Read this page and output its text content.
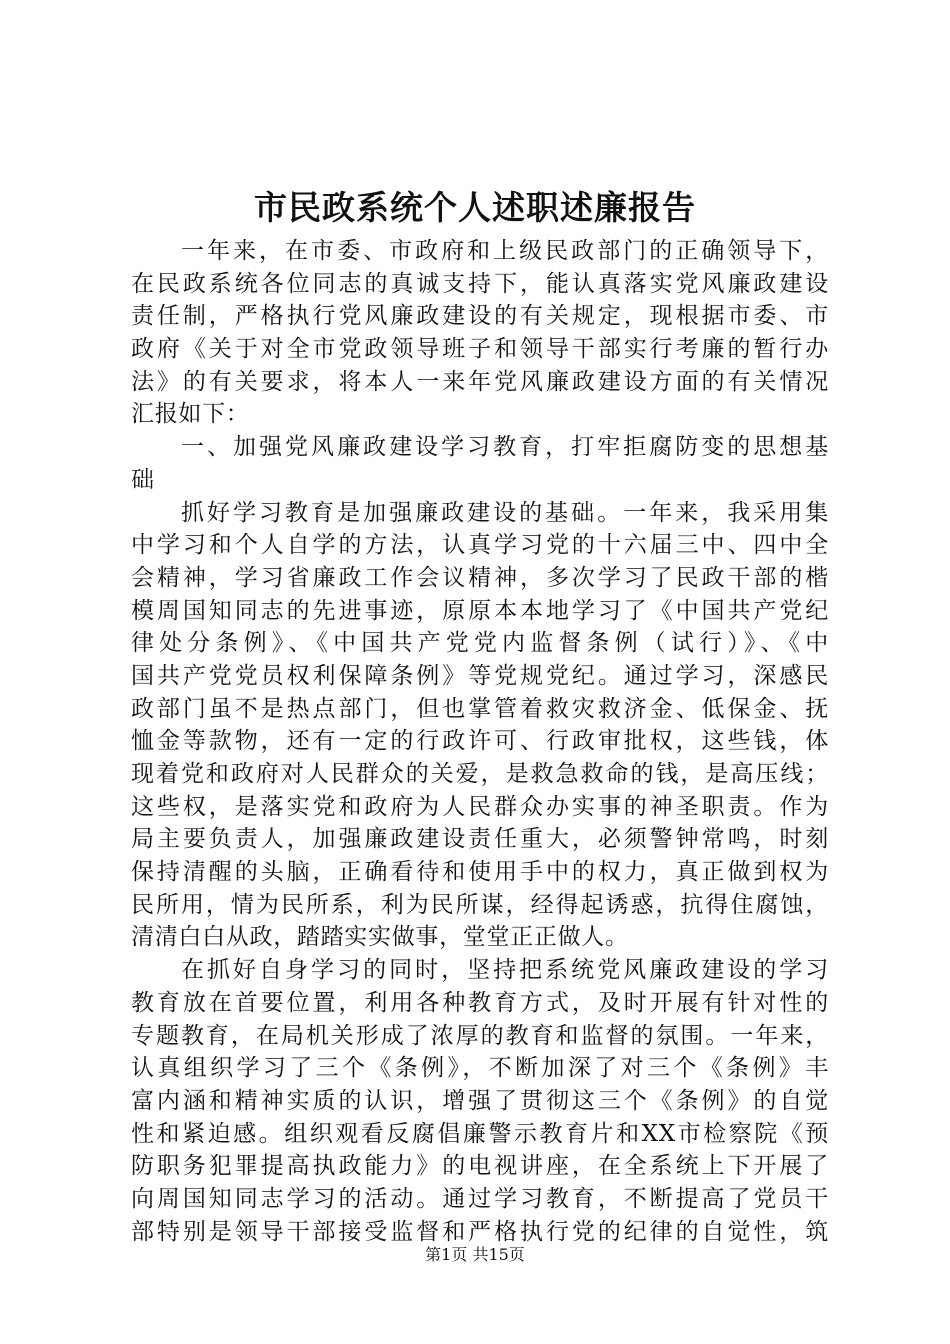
市民政系统个人述职述廉报告
一年来，在市委、市政府和上级民政部门的正确领导下，
在民政系统各位同志的真诚支持下，能认真落实党风廉政建设
责任制，严格执行党风廉政建设的有关规定，现根据市委、市
政府《关于对全市党政领导班子和领导干部实行考廉的暂行办
法》的有关要求，将本人一来年党风廉政建设方面的有关情况
汇报如下：
一、加强党风廉政建设学习教育，打牢拒腐防变的思想基
础
抓好学习教育是加强廉政建设的基础。一年来，我采用集
中学习和个人自学的方法，认真学习党的十六届三中、四中全
会精神，学习省廉政工作会议精神，多次学习了民政干部的楷
模周国知同志的先进事迹，原原本本地学习了《中国共产党纪
律处分条例》、《中国共产党党内监督条例（试行）》、《中
国共产党党员权利保障条例》等党规党纪。通过学习，深感民
政部门虽不是热点部门，但也掌管着救灾救济金、低保金、抚
恤金等款物，还有一定的行政许可、行政审批权，这些钱，体
现着党和政府对人民群众的关爱，是救急救命的钱，是高压线；
这些权，是落实党和政府为人民群众办实事的神圣职责。作为
局主要负责人，加强廉政建设责任重大，必须警钟常鸣，时刻
保持清醒的头脑，正确看待和使用手中的权力，真正做到权为
民所用，情为民所系，利为民所谋，经得起诱惑，抗得住腐蚀，
清清白白从政，踏踏实实做事，堂堂正正做人。
在抓好自身学习的同时，坚持把系统党风廉政建设的学习
教育放在首要位置，利用各种教育方式，及时开展有针对性的
专题教育，在局机关形成了浓厚的教育和监督的氛围。一年来，
认真组织学习了三个《条例》，不断加深了对三个《条例》丰
富内涵和精神实质的认识，增强了贯彻这三个《条例》的自觉
性和紧迫感。组织观看反腐倡廉警示教育片和XX市检察院《预
防职务犯罪提高执政能力》的电视讲座，在全系统上下开展了
向周国知同志学习的活动。通过学习教育，不断提高了党员干
部特别是领导干部接受监督和严格执行党的纪律的自觉性，筑
第1页 共15页
